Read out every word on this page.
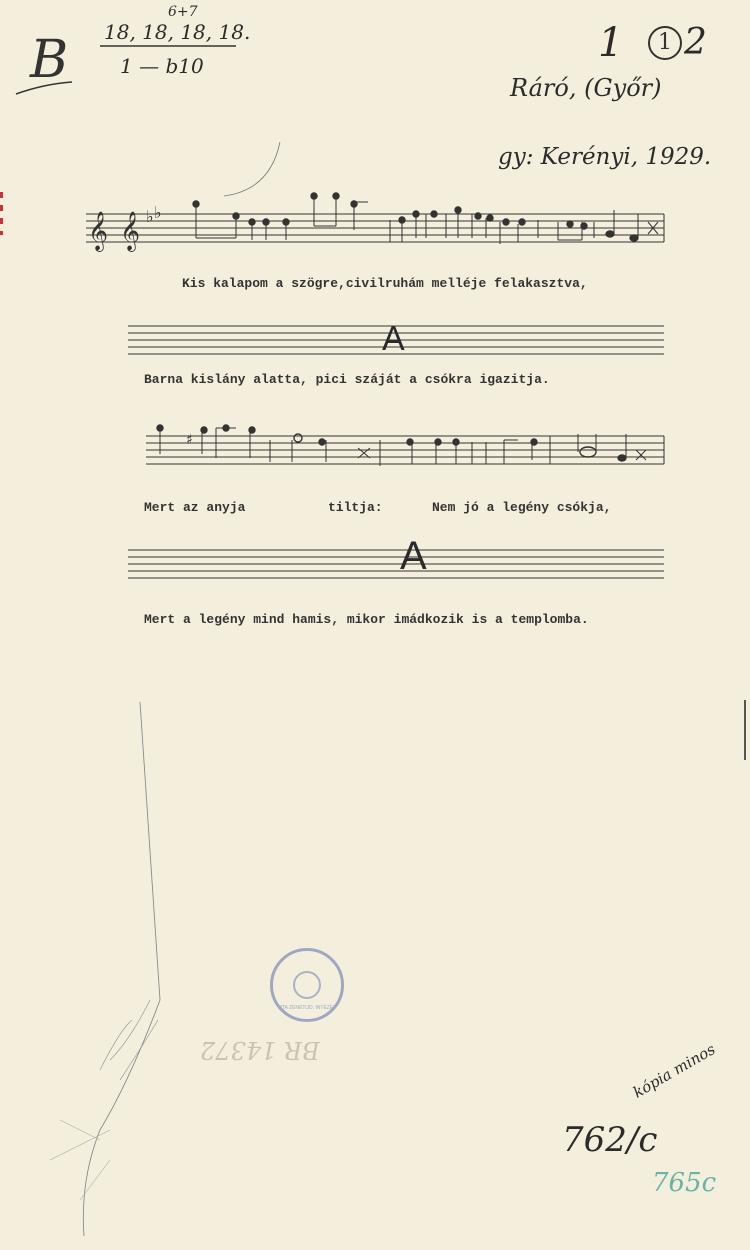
B
6+7
18, 18, 18, 18.
1 — b10	1	1 2
Ráró, (Győr)
gy: Kerényi, 1929.
𝄞 𝄞 ♭ ♭
Kis kalapom a szögre,civilruhám melléje felakasztva,
A
Barna kislány alatta, pici száját a csókra igazitja.
♯
Mert az anyja	tiltja:	Nem jó a legény csókja,
A
Mert a legény mind hamis, mikor imádkozik is a templomba.
MTA ZENETUD. INTÉZET
BR 14372	kópia minos
762/c
765c
